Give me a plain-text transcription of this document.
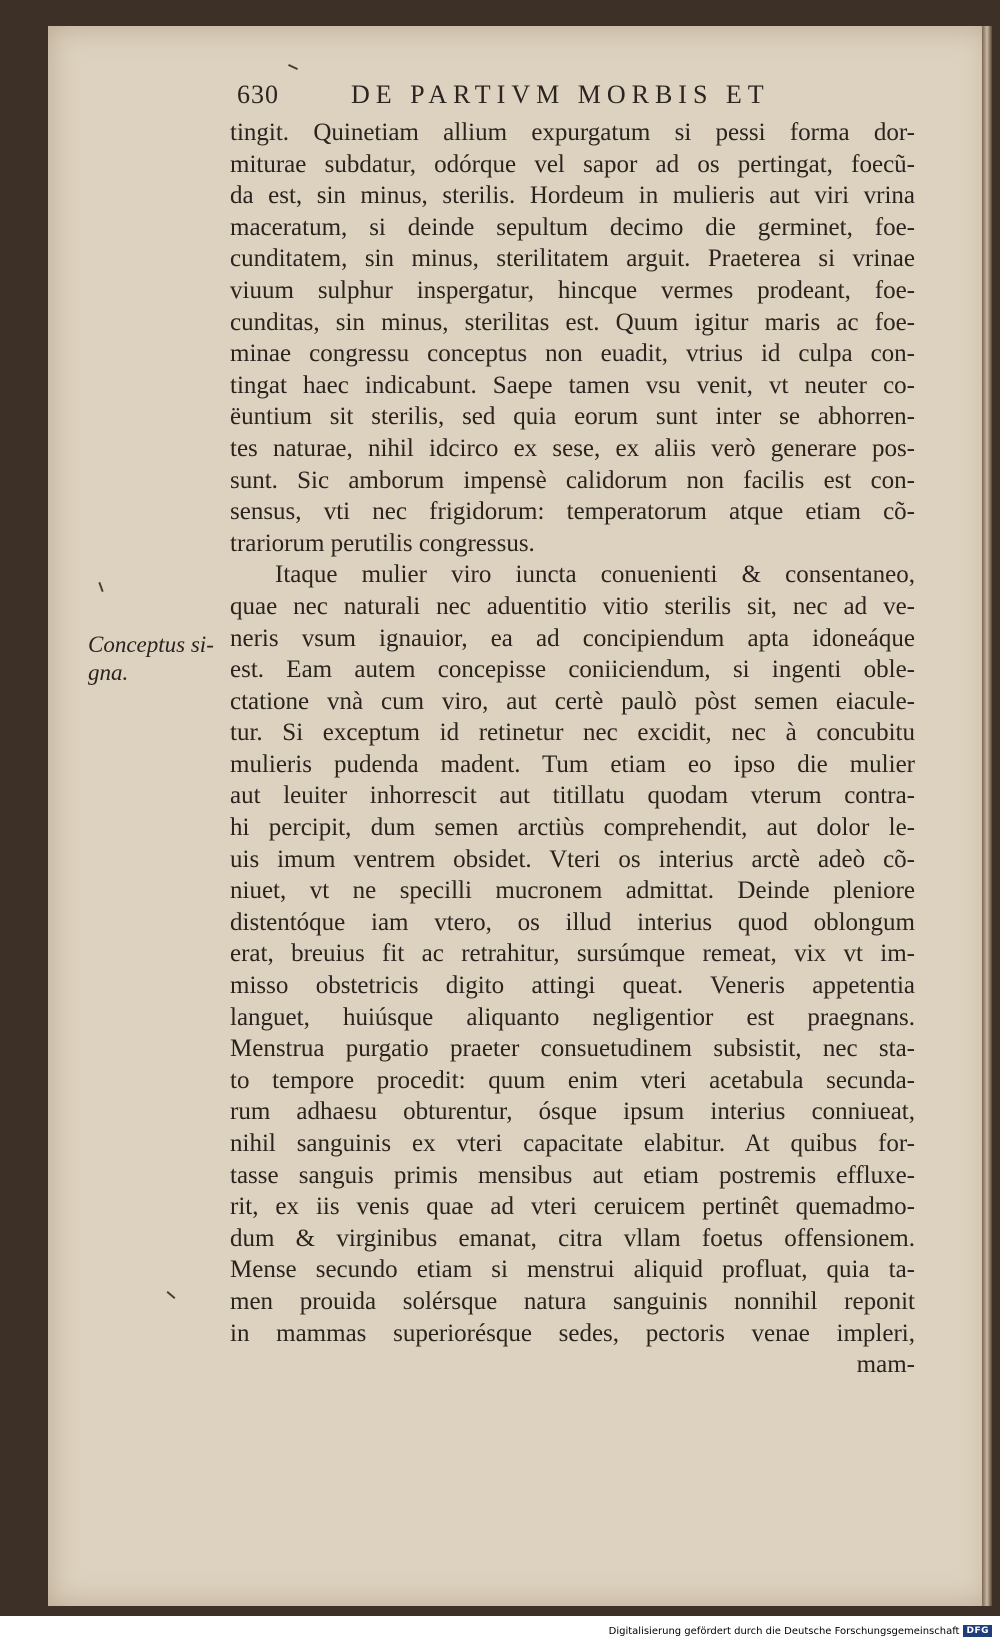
630	DE PARTIVM MORBIS ET
Conceptus si-
gna.
tingit. Quinetiam allium expurgatum si pessi forma dor-
miturae subdatur, odórque vel sapor ad os pertingat, foecũ-
da est, sin minus, sterilis. Hordeum in mulieris aut viri vrina
maceratum, si deinde sepultum decimo die germinet, foe-
cunditatem, sin minus, sterilitatem arguit. Praeterea si vrinae
viuum sulphur inspergatur, hincque vermes prodeant, foe-
cunditas, sin minus, sterilitas est. Quum igitur maris ac foe-
minae congressu conceptus non euadit, vtrius id culpa con-
tingat haec indicabunt. Saepe tamen vsu venit, vt neuter co-
ëuntium sit sterilis, sed quia eorum sunt inter se abhorren-
tes naturae, nihil idcirco ex sese, ex aliis verò generare pos-
sunt. Sic amborum impensè calidorum non facilis est con-
sensus, vti nec frigidorum: temperatorum atque etiam cõ-
trariorum perutilis congressus.
Itaque mulier viro iuncta conuenienti & consentaneo,
quae nec naturali nec aduentitio vitio sterilis sit, nec ad ve-
neris vsum ignauior, ea ad concipiendum apta idoneáque
est. Eam autem concepisse coniiciendum, si ingenti oble-
ctatione vnà cum viro, aut certè paulò pòst semen eiacule-
tur. Si exceptum id retinetur nec excidit, nec à concubitu
mulieris pudenda madent. Tum etiam eo ipso die mulier
aut leuiter inhorrescit aut titillatu quodam vterum contra-
hi percipit, dum semen arctiùs comprehendit, aut dolor le-
uis imum ventrem obsidet. Vteri os interius arctè adeò cõ-
niuet, vt ne specilli mucronem admittat. Deinde pleniore
distentóque iam vtero, os illud interius quod oblongum
erat, breuius fit ac retrahitur, sursúmque remeat, vix vt im-
misso obstetricis digito attingi queat. Veneris appetentia
languet, huiúsque aliquanto negligentior est praegnans.
Menstrua purgatio praeter consuetudinem subsistit, nec sta-
to tempore procedit: quum enim vteri acetabula secunda-
rum adhaesu obturentur, ósque ipsum interius conniueat,
nihil sanguinis ex vteri capacitate elabitur. At quibus for-
tasse sanguis primis mensibus aut etiam postremis effluxe-
rit, ex iis venis quae ad vteri ceruicem pertinêt quemadmo-
dum & virginibus emanat, citra vllam foetus offensionem.
Mense secundo etiam si menstrui aliquid profluat, quia ta-
men prouida solérsque natura sanguinis nonnihil reponit
in mammas superiorésque sedes, pectoris venae impleri,
mam-
Digitalisierung gefördert durch die Deutsche Forschungsgemeinschaft DFG
